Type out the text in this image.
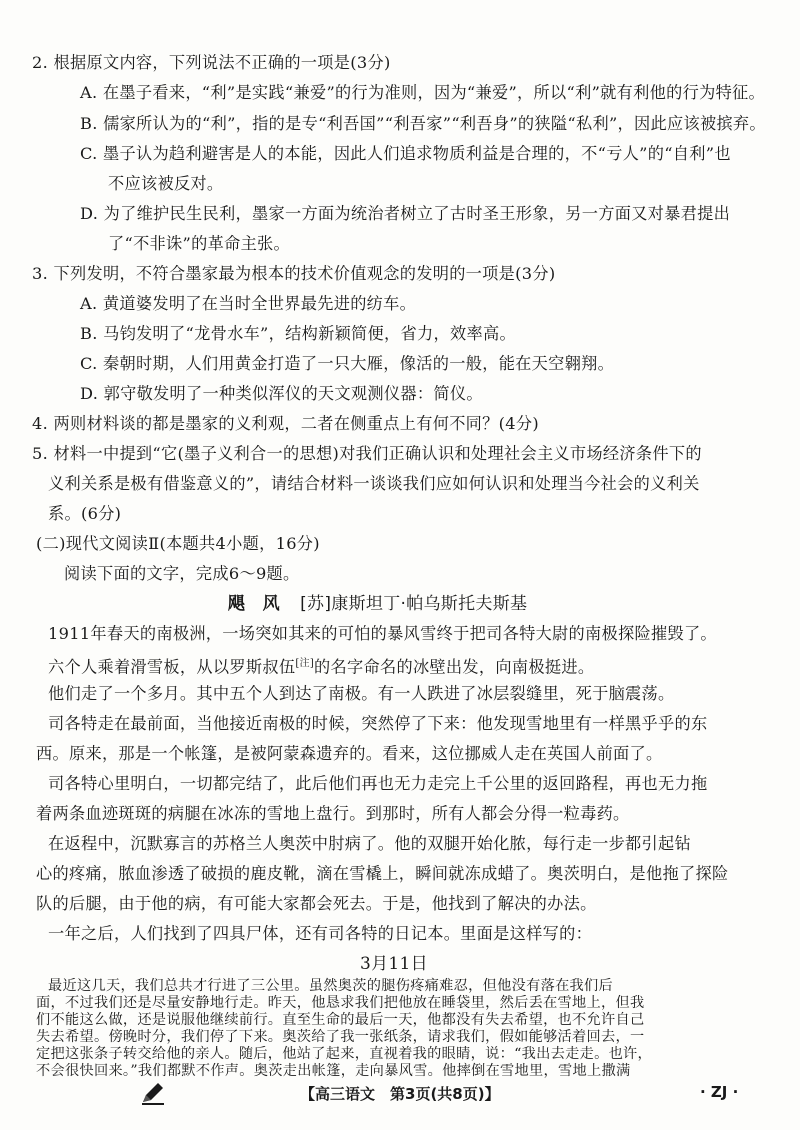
2. 根据原文内容，下列说法不正确的一项是(3分)
A. 在墨子看来，“利”是实践“兼爱”的行为准则，因为“兼爱”，所以“利”就有利他的行为特征。
B. 儒家所认为的“利”，指的是专“利吾国”“利吾家”“利吾身”的狭隘“私利”，因此应该被摈弃。
C. 墨子认为趋利避害是人的本能，因此人们追求物质利益是合理的，不“亏人”的“自利”也
不应该被反对。
D. 为了维护民生民利，墨家一方面为统治者树立了古时圣王形象，另一方面又对暴君提出
了“不非诛”的革命主张。
3. 下列发明，不符合墨家最为根本的技术价值观念的发明的一项是(3分)
A. 黄道婆发明了在当时全世界最先进的纺车。
B. 马钧发明了“龙骨水车”，结构新颖简便，省力，效率高。
C. 秦朝时期，人们用黄金打造了一只大雁，像活的一般，能在天空翱翔。
D. 郭守敬发明了一种类似浑仪的天文观测仪器：简仪。
4. 两则材料谈的都是墨家的义利观，二者在侧重点上有何不同？(4分)
5. 材料一中提到“它(墨子义利合一的思想)对我们正确认识和处理社会主义市场经济条件下的
义利关系是极有借鉴意义的”，请结合材料一谈谈我们应如何认识和处理当今社会的义利关
系。(6分)
(二)现代文阅读Ⅱ(本题共4小题，16分)
阅读下面的文字，完成6～9题。
飓　风 [苏]康斯坦丁·帕乌斯托夫斯基
1911年春天的南极洲，一场突如其来的可怕的暴风雪终于把司各特大尉的南极探险摧毁了。
六个人乘着滑雪板，从以罗斯叔伍[注]的名字命名的冰壁出发，向南极挺进。
他们走了一个多月。其中五个人到达了南极。有一人跌进了冰层裂缝里，死于脑震荡。
司各特走在最前面，当他接近南极的时候，突然停了下来：他发现雪地里有一样黑乎乎的东
西。原来，那是一个帐篷，是被阿蒙森遗弃的。看来，这位挪威人走在英国人前面了。
司各特心里明白，一切都完结了，此后他们再也无力走完上千公里的返回路程，再也无力拖
着两条血迹斑斑的病腿在冰冻的雪地上盘行。到那时，所有人都会分得一粒毒药。
在返程中，沉默寡言的苏格兰人奥茨中肘病了。他的双腿开始化脓，每行走一步都引起钻
心的疼痛，脓血渗透了破损的鹿皮靴，滴在雪橇上，瞬间就冻成蜡了。奥茨明白，是他拖了探险
队的后腿，由于他的病，有可能大家都会死去。于是，他找到了解决的办法。
一年之后，人们找到了四具尸体，还有司各特的日记本。里面是这样写的：
3月11日
【高三语文　第3页(共8页)】	· ZJ ·
最近这几天，我们总共才行进了三公里。虽然奥茨的腿伤疼痛难忍，但他没有落在我们后
面，不过我们还是尽量安静地行走。昨天，他恳求我们把他放在睡袋里，然后丢在雪地上，但我
们不能这么做，还是说服他继续前行。直至生命的最后一天，他都没有失去希望，也不允许自己
失去希望。傍晚时分，我们停了下来。奥茨给了我一张纸条，请求我们，假如能够活着回去，一
定把这张条子转交给他的亲人。随后，他站了起来，直视着我的眼睛，说：“我出去走走。也许，
不会很快回来。”我们都默不作声。奥茨走出帐篷，走向暴风雪。他摔倒在雪地里，雪地上撒满
